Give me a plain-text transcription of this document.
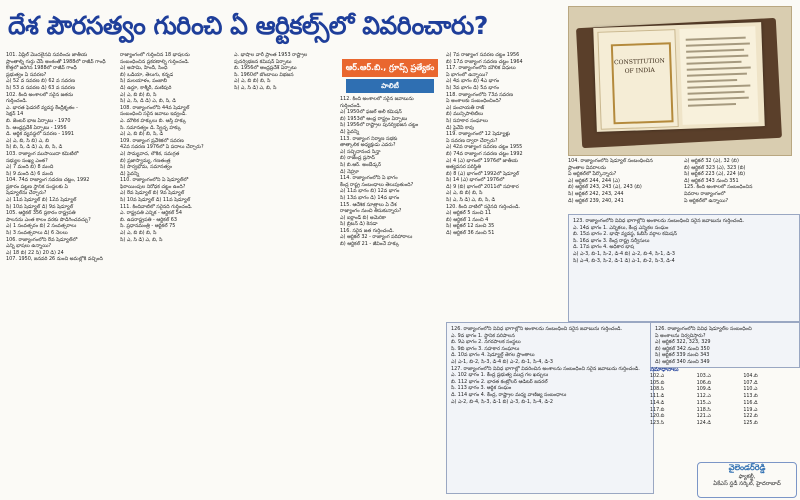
దేశ పౌరసత్వం గురించి ఏ ఆర్టికల్స్‌లో వివరించారు?
CONSTITUTION OF INDIA
101. ఏప్రిల్‌ మొదలైనవి సవరించు జాతీయ
ప్రాంతాల్ని గుర్తు చేసే అంశంతో 1988లో రాజీవ్‌ గాంధీ
కొత్తలో జరిగిన 1988లో రాజీవ్‌ గాంధీ
ప్రభుత్వం ఏ సవరణ?
ఎ) 52 వ సవరణ బి) 62 వ సవరణ
సి) 53 వ సవరణ డి) 63 వ సవరణ
102. కింది అంశాలలో సరైన జతను
గుర్తించండి.
ఎ. భారత ఫెడరల్‌ వ్యవస్థ కేంద్రీకృతం -
సెక్షన్‌ 14
బి. జెంటర్‌ భాజ ఏర్పాటు - 1970
సి. ఆంధ్రప్రదేశ్‌ ఏర్పాటు - 1956
డి. ఆర్థిక వ్యవస్థలో సవరణ - 1991
ఎ) ఎ, బి, సి బి) ఎ, బి
సి) బి, సి, డి డి) ఎ, బి, సి, డి
103. రాజ్యాంగ ముసాయిదా కమిటీలో
సభ్యుల సంఖ్య ఎంత?
ఎ) 7 మంది బి) 8 మంది
సి) 9 మంది డి) 6 మంది
104. 74వ రాజ్యాంగ సవరణ చట్టం, 1992
ప్రకారం పట్టణ స్థానిక సంస్థలకు ఏ
షెడ్యూల్‌ను చేర్చారు?
ఎ) 11వ షెడ్యూల్‌ బి) 12వ షెడ్యూల్‌
సి) 10వ షెడ్యూల్‌ డి) 9వ షెడ్యూల్‌
105. ఆర్టికల్‌ 356 ప్రకారం రాష్ట్రపతి
పాలనను ఎంత కాలం వరకు పొడిగించవచ్చు?
ఎ) 1 సంవత్సరం బి) 2 సంవత్సరాలు
సి) 3 సంవత్సరాలు డి) 6 నెలలు
106. రాజ్యాంగంలోని 8వ షెడ్యూల్‌లో
ఎన్ని భాషలు ఉన్నాయి?
ఎ) 18 బి) 22 సి) 20 డి) 24
107. 1950, జనవరి 26 నుంచి అమల్లోకి వచ్చింది
రాజ్యాంగంలో గుర్తించిన 18 భాషలను
సంబంధించిన ప్రకరణాల్ని గుర్తించండి.
ఎ) అసామి, హిందీ, సింధి
బి) ఒడియా, తెలుగు, కన్నడ
సి) మలయాళం, పంజాబీ
డి) ఉర్దూ, కాశ్మీరీ, మణిపురి
ఎ) ఎ, బి బి) బి, సి
సి) ఎ, సి, డి డి) ఎ, బి, సి, డి
108. రాజ్యాంగంలోని 44వ షెడ్యూల్‌
సంబంధించి సరైన జవాబు ఇవ్వండి.
ఎ. మౌలిక హక్కులు బి. ఆస్తి హక్కు
సి. సమానత్వం డి. స్వేచ్ఛ హక్కు
ఎ) ఎ, బి బి) బి, సి, డి
109. రాజ్యాంగ ప్రవేశికలో సవరణ
42వ సవరణ 1976లో ఏ పదాలు చేర్చారు?
ఎ) సామ్యవాద, లౌకిక, సమగ్రత
బి) ప్రజాస్వామ్య, గణతంత్ర
సి) సార్వభౌమ, సమానత్వం
డి) పైవన్నీ
110. రాజ్యాంగంలోని ఏ షెడ్యూల్‌లో
ఫిరాయింపుల నిరోధక చట్టం ఉంది?
ఎ) 8వ షెడ్యూల్‌ బి) 9వ షెడ్యూల్‌
సి) 10వ షెడ్యూల్‌ డి) 11వ షెడ్యూల్‌
111. కిందివాటిలో సరైనది గుర్తించండి.
ఎ. రాష్ట్రపతి ఎన్నిక - ఆర్టికల్‌ 54
బి. ఉపరాష్ట్రపతి - ఆర్టికల్‌ 63
సి. ప్రధానమంత్రి - ఆర్టికల్‌ 75
ఎ) ఎ, బి బి) బి, సి
సి) ఎ, సి డి) ఎ, బి, సి
ఎ. భాషాల వారీ ప్రాంత 1953 రాష్ట్రాల
పునర్విభజన కమిషన్‌ ఏర్పాటు
బి. 1956లో ఆంధ్రప్రదేశ్‌ ఏర్పాటు
సి. 1960లో బొంబాయి విభజన
ఎ) ఎ, బి బి) బి, సి
సి) ఎ, సి డి) ఎ, బి, సి
ఆర్‌.ఆర్‌.బి., గ్రూప్స్‌ ప్రత్యేకం
పాలిటీ
112. కింది అంశాలలో సరైన జవాబును
గుర్తించండి.
ఎ) 1950లో ఫజల్‌ అలీ కమిషన్‌
బి) 1953లో ఆంధ్ర రాష్ట్రం ఏర్పాటు
సి) 1956లో రాష్ట్రాల పునర్విభజన చట్టం
డి) పైవన్నీ
113. రాజ్యాంగ నిర్మాణ సభకు
తాత్కాలిక అధ్యక్షుడు ఎవరు?
ఎ) సచ్చిదానంద సిన్హా
బి) రాజేంద్ర ప్రసాద్‌
సి) బి.ఆర్‌. అంబేడ్కర్‌
డి) నెహ్రూ
114. రాజ్యాంగంలోని ఏ భాగం
కేంద్ర రాష్ట్ర సంబంధాలు తెలుపుతుంది?
ఎ) 11వ భాగం బి) 12వ భాగం
సి) 13వ భాగం డి) 14వ భాగం
115. ఆదేశిక సూత్రాలు ఏ దేశ
రాజ్యాంగం నుంచి తీసుకున్నారు?
ఎ) ఐర్లాండ్‌ బి) అమెరికా
సి) బ్రిటన్‌ డి) కెనడా
116. సరైన జత గుర్తించండి.
ఎ) ఆర్టికల్‌ 32 - రాజ్యాంగ పరిహారాలు
బి) ఆర్టికల్‌ 21 - జీవించే హక్కు
ఎ) 7వ రాజ్యాంగ సవరణ చట్టం 1956
బి) 17వ రాజ్యాంగ సవరణ చట్టం 1964
117. రాజ్యాంగంలోని మౌలిక విధులు
ఏ భాగంలో ఉన్నాయి?
ఎ) 4వ భాగం బి) 4ఎ భాగం
సి) 3వ భాగం డి) 5వ భాగం
118. రాజ్యాంగంలోని 73వ సవరణ
ఏ అంశాలకు సంబంధించింది?
ఎ) పంచాయతీ రాజ్‌
బి) మున్సిపాలిటీలు
సి) సహకార సంఘాలు
డి) పైవేవీ కావు
119. రాజ్యాంగంలో 12 షెడ్యూళ్లు
ఏ సవరణ ద్వారా చేర్చారు?
ఎ) 42వ రాజ్యాంగ సవరణ చట్టం 1955
బి) 74వ రాజ్యాంగ సవరణ చట్టం 1992
ఎ) 4 (ఎ) భాగంలో 1976లో జాతీయ
అత్యవసర పరిస్థితి
బి) 8 (ఎ) భాగంలో 1992లో షెడ్యూల్‌
సి) 14 (ఎ) భాగంలో 1976లో
డి) 9 (బి) భాగంలో 2011లో సహకార
ఎ) ఎ, బి బి) బి, సి
సి) ఎ, సి డి) ఎ, బి, సి, డి
120. కింది వాటిలో సరైనది గుర్తించండి.
ఎ) ఆర్టికల్‌ 5 నుంచి 11
బి) ఆర్టికల్‌ 1 నుంచి 4
సి) ఆర్టికల్‌ 12 నుంచి 35
డి) ఆర్టికల్‌ 36 నుంచి 51
104. రాజ్యాంగంలోని షెడ్యూల్‌ సంబంధించిన
ప్రాంతాల వివరాలను
ఏ ఆర్టికల్‌లో పేర్కొన్నారు?
ఎ) ఆర్టికల్‌ 244, 244 (ఎ)
బి) ఆర్టికల్‌ 243, 243 (ఎ), 243 (బి)
సి) ఆర్టికల్‌ 242, 243, 244
డి) ఆర్టికల్‌ 239, 240, 241
ఎ) ఆర్టికల్‌ 32 (ఎ), 32 (బి)
బి) ఆర్టికల్‌ 323 (ఎ), 323 (బి)
సి) ఆర్టికల్‌ 223 (ఎ), 224 (బి)
డి) ఆర్టికల్‌ 343 నుంచి 351
125. కింది అంశాలలో సంబంధించిన
వివరాల రాజ్యాంగంలో
ఏ ఆర్టికల్‌లో ఉన్నాయి?
123. రాజ్యాంగంలోని వివిధ భాగాల్లోని అంశాలను సంబంధించి సరైన జవాబును గుర్తించండి.
ఎ. 14వ భాగం 1. ఎన్నికలు, కేంద్ర ఎన్నికల సంఘం
బి. 15వ భాగం 2. భాషా వ్యవస్థ, ఓబీసీ వర్గాల కమిషన్‌
సి. 16వ భాగం 3. కేంద్ర రాష్ట్ర సర్వీసులు
డి. 17వ భాగం 4. అధికార భాష
ఎ) ఎ-3, బి-1, సి-2, డి-4 బి) ఎ-2, బి-4, సి-1, డి-3
సి) ఎ-4, బి-3, సి-2, డి-1 డి) ఎ-1, బి-2, సి-3, డి-4
126. రాజ్యాంగంలోని వివిధ భాగాల్లోని అంశాలను సంబంధించి సరైన జవాబును గుర్తించండి.
ఎ. 9వ భాగం 1. స్థానిక పరిపాలన
బి. 9ఎ భాగం 2. నగరపాలక సంస్థలు
సి. 9బి భాగం 3. సహకార సంఘాలు
డి. 10వ భాగం 4. షెడ్యూల్డ్‌ తెగల ప్రాంతాలు
ఎ) ఎ-1, బి-2, సి-3, డి-4 బి) ఎ-2, బి-1, సి-4, డి-3
127. రాజ్యాంగంలోని వివిధ భాగాల్లో వివరించిన అంశాలను సంబంధించి సరైన జవాబును గుర్తించండి.
ఎ. 102 భాగం 1. కేంద్ర ప్రభుత్వ ముద్ర గల ఖర్చులు
బి. 112 భాగం 2. భారత కంట్రోలర్‌ ఆడిటర్‌ జనరల్‌
సి. 113 భాగం 3. ఆర్థిక సంఘం
డి. 114 భాగం 4. కేంద్ర, రాష్ట్రాల మధ్య వాణిజ్య సంబంధాలు
ఎ) ఎ-2, బి-4, సి-3, డి-1 బి) ఎ-3, బి-1, సి-4, డి-2
126. రాజ్యాంగంలోని వివిధ షెడ్యూల్‌ల సంబంధించి
ఏ అంశాలను నిర్వచిస్తారు?
ఎ) ఆర్టికల్‌ 322, 323, 329
బి) ఆర్టికల్‌ 342 నుంచి 350
సి) ఆర్టికల్‌ 339 నుంచి 343
డి) ఆర్టికల్‌ 340 నుంచి 349
సమాధానాలు
102.ఎ	103.ఎ	104.బి
105.బి	106.బి	107.డి
108.సి	109.డి	110.ఎ
111.డి	112.ఎ	113.బి
114.డి	115.ఎ	116.డి
117.బి	118.సి	119.ఎ
120.బి	121.ఎ	122.బి
123.సి	124.డి	125.బి
వైలెండర్‌రెడ్డి
ఫ్యాకల్టీ,
ఏకేఎస్‌ స్టడీ సర్కిల్‌, హైదరాబాద్‌
